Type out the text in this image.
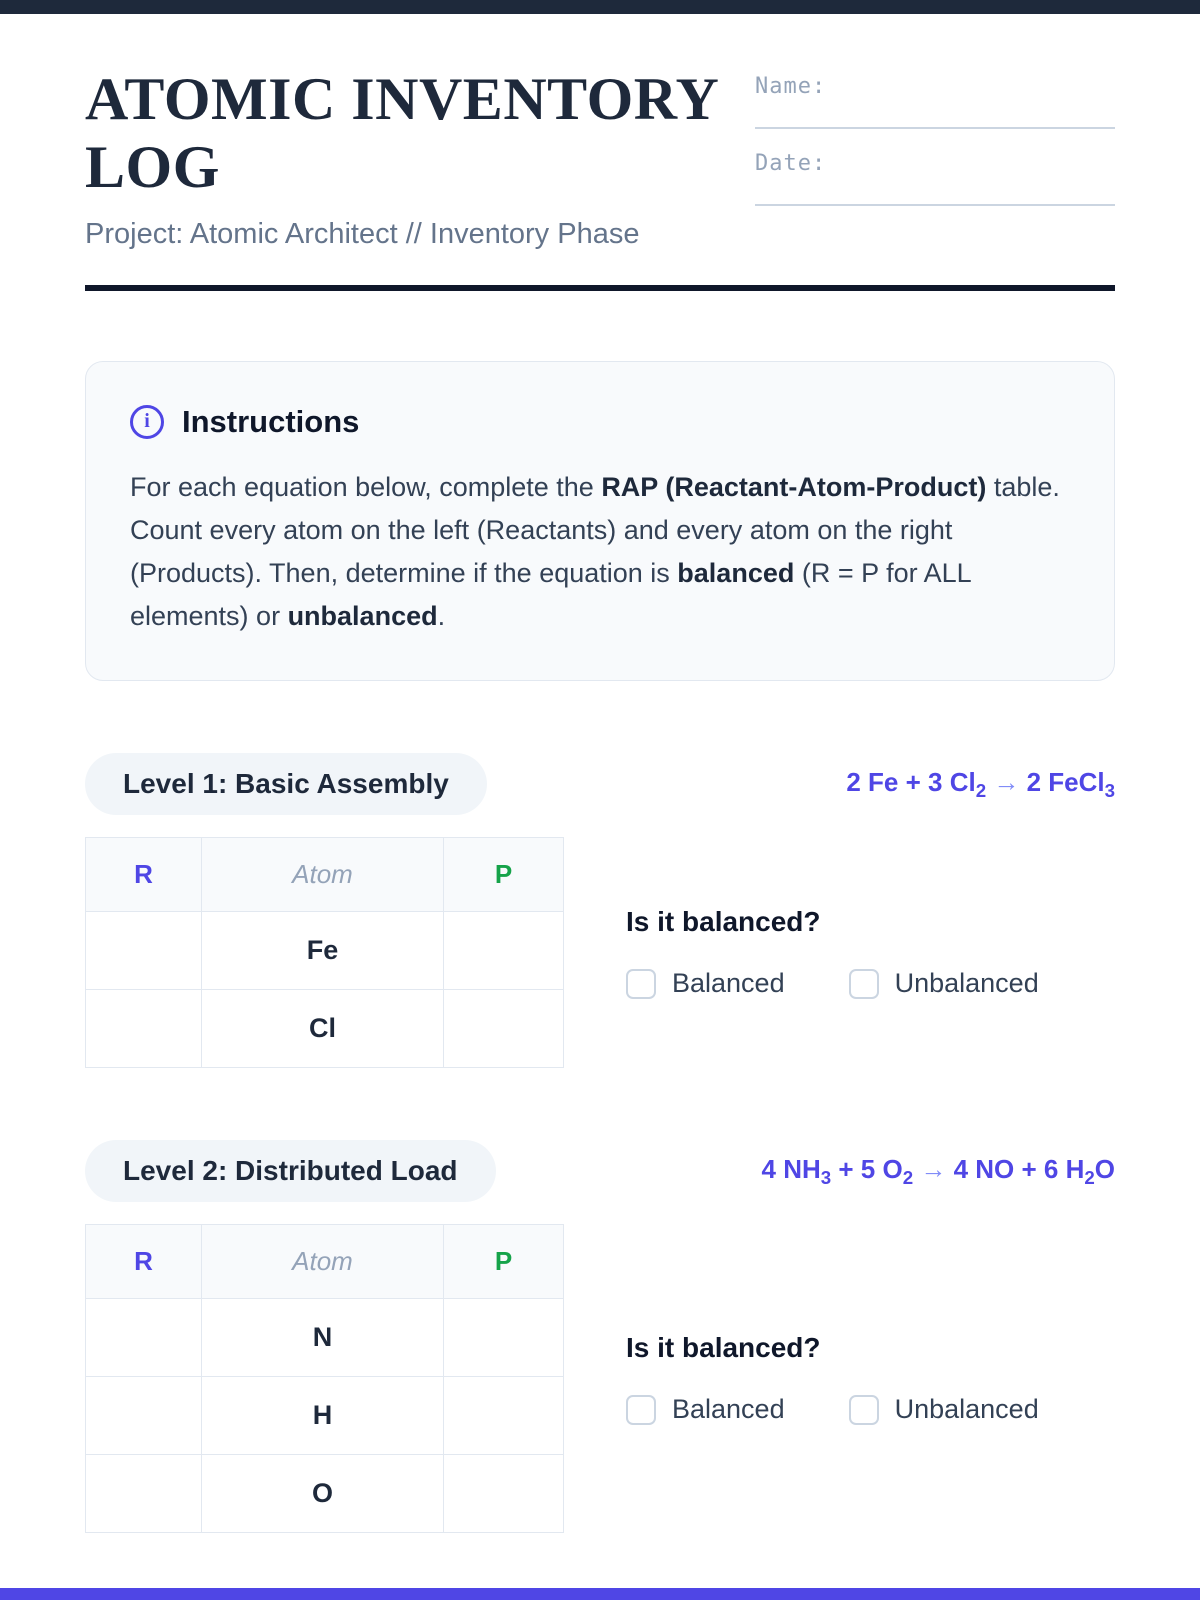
ATOMIC INVENTORY LOG

Project: Atomic Architect // Inventory Phase

Name:
Date:
i	Instructions

For each equation below, complete the RAP (Reactant-Atom-Product) table. Count every atom on the left (Reactants) and every atom on the right (Products). Then, determine if the equation is balanced (R = P for ALL elements) or unbalanced.

Level 1: Basic Assembly	2 Fe + 3 $Cl_2 \to 2$ FeCl$_3$
R	Atom	P
	Fe	
	Cl	
Is it balanced?
Balanced	Unbalanced
Level 2: Distributed Load	4 $NH_3 + 5$ $O_2 \to 4$ NO + 6 $H_2O$
R	Atom	P
	N	
	H	
	O	
Is it balanced?
Balanced	Unbalanced
